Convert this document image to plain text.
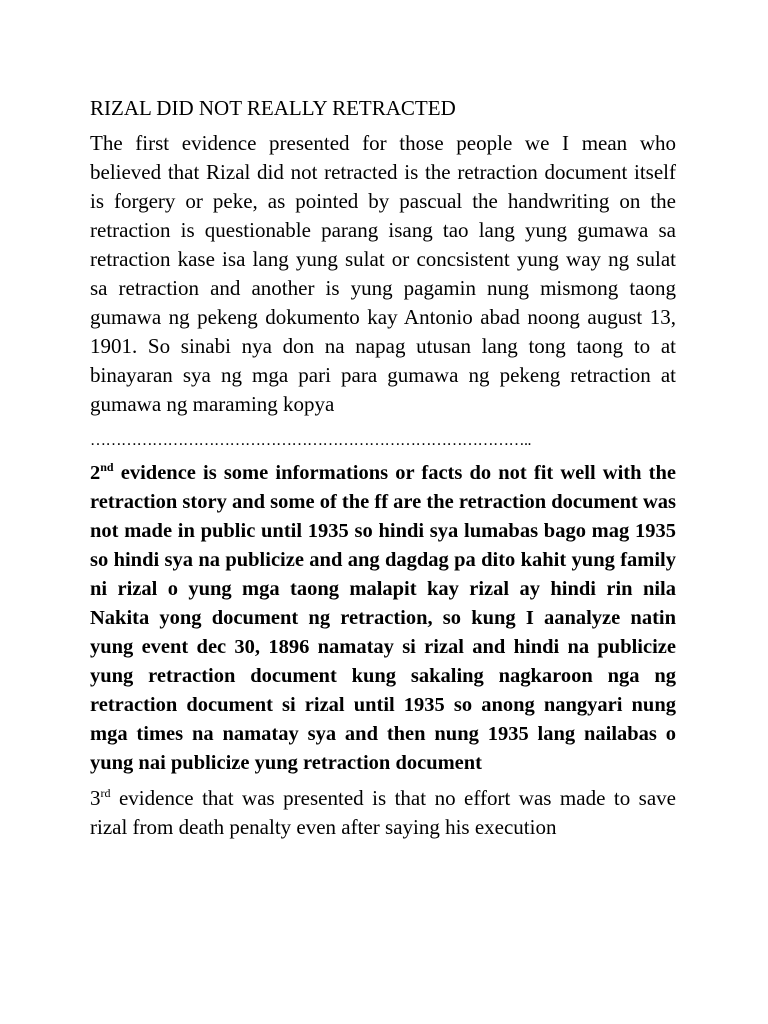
RIZAL DID NOT REALLY RETRACTED

The first evidence presented for those people we I mean who believed that Rizal did not retracted is the retraction document itself is forgery or peke, as pointed by pascual the handwriting on the retraction is questionable parang isang tao lang yung gumawa sa retraction kase isa lang yung sulat or concsistent yung way ng sulat sa retraction and another is yung pagamin nung mismong taong gumawa ng pekeng dokumento kay Antonio abad noong august 13, 1901. So sinabi nya don na napag utusan lang tong taong to at binayaran sya ng mga pari para gumawa ng pekeng retraction at gumawa ng maraming kopya

…………………………………………………………………………..

2nd evidence is some informations or facts do not fit well with the retraction story and some of the ff are the retraction document was not made in public until 1935 so hindi sya lumabas bago mag 1935 so hindi sya na publicize and ang dagdag pa dito kahit yung family ni rizal o yung mga taong malapit kay rizal ay hindi rin nila Nakita yong document ng retraction, so kung I aanalyze natin yung event dec 30, 1896 namatay si rizal and hindi na publicize yung retraction document kung sakaling nagkaroon nga ng retraction document si rizal until 1935 so anong nangyari nung mga times na namatay sya and then nung 1935 lang nailabas o yung nai publicize yung retraction document

3rd evidence that was presented is that no effort was made to save rizal from death penalty even after saying his execution
